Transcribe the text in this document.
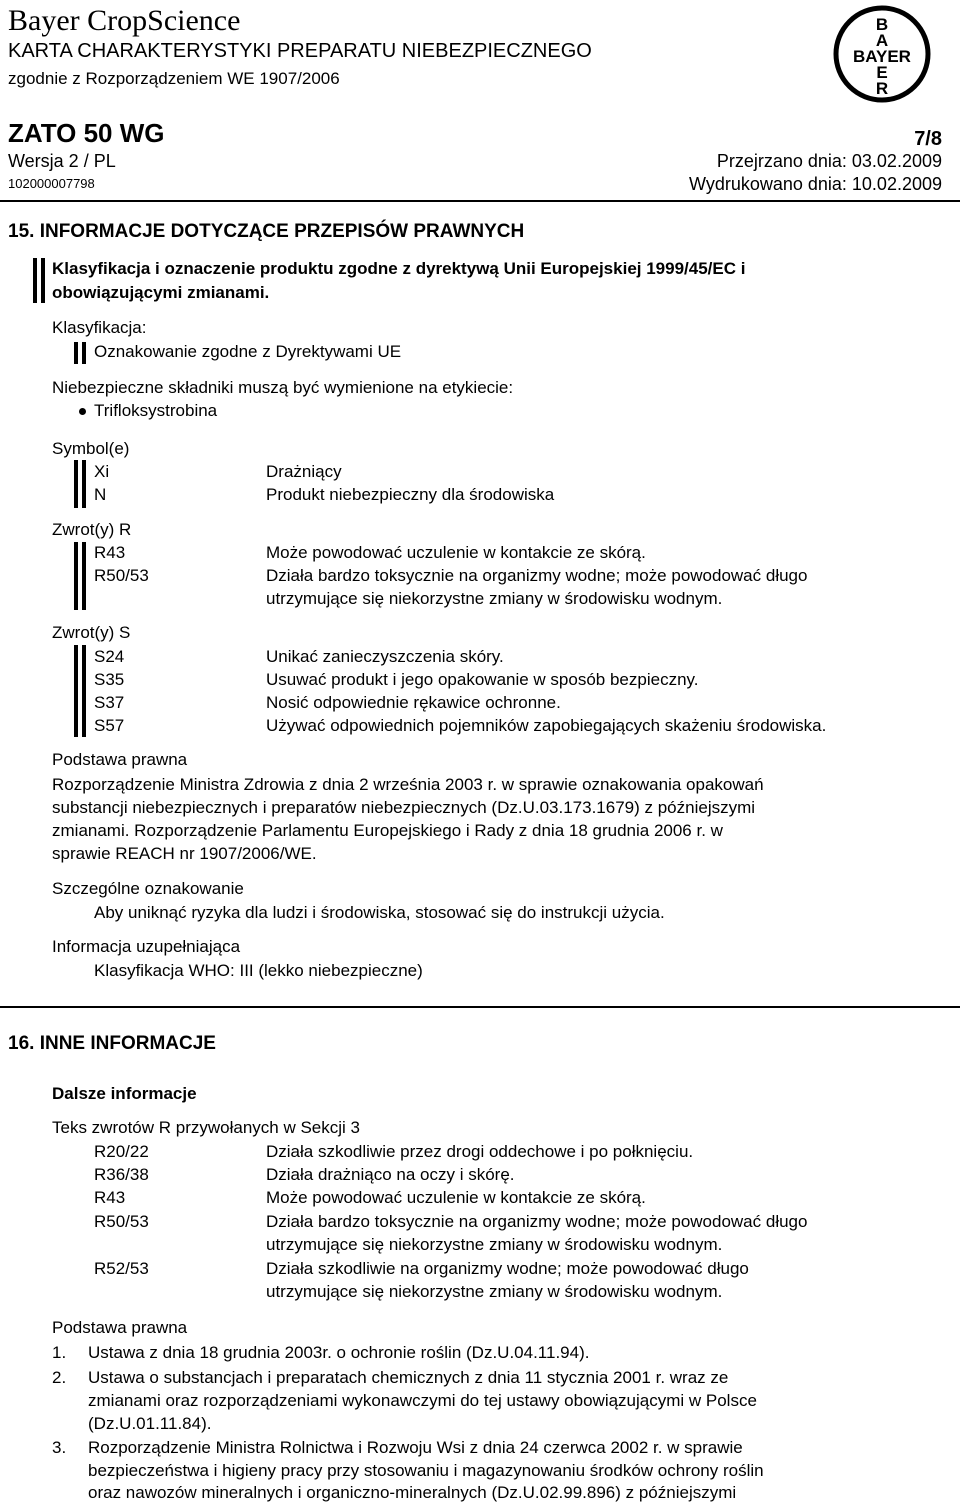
Bayer CropScience
KARTA CHARAKTERYSTYKI PREPARATU NIEBEZPIECZNEGO
zgodnie z Rozporządzeniem WE 1907/2006
B
A
BAYER
E
R
ZATO 50 WG	7/8
Wersja 2 / PL	Przejrzano dnia: 03.02.2009
102000007798	Wydrukowano dnia: 10.02.2009
15. INFORMACJE DOTYCZĄCE PRZEPISÓW PRAWNYCH
Klasyfikacja i oznaczenie produktu zgodne z dyrektywą Unii Europejskiej 1999/45/EC i
obowiązującymi zmianami.
Klasyfikacja:
Oznakowanie zgodne z Dyrektywami UE
Niebezpieczne składniki muszą być wymienione na etykiecie:
Trifloksystrobina
Symbol(e)
Xi	Drażniący
N	Produkt niebezpieczny dla środowiska
Zwrot(y) R
R43	Może powodować uczulenie w kontakcie ze skórą.
R50/53	Działa bardzo toksycznie na organizmy wodne; może powodować długo
utrzymujące się niekorzystne zmiany w środowisku wodnym.
Zwrot(y) S
S24	Unikać zanieczyszczenia skóry.
S35	Usuwać produkt i jego opakowanie w sposób bezpieczny.
S37	Nosić odpowiednie rękawice ochronne.
S57	Używać odpowiednich pojemników zapobiegających skażeniu środowiska.
Podstawa prawna
Rozporządzenie Ministra Zdrowia z dnia 2 września 2003 r. w sprawie oznakowania opakowań
substancji niebezpiecznych i preparatów niebezpiecznych (Dz.U.03.173.1679) z późniejszymi
zmianami. Rozporządzenie Parlamentu Europejskiego i Rady z dnia 18 grudnia 2006 r. w
sprawie REACH nr 1907/2006/WE.
Szczególne oznakowanie
Aby uniknąć ryzyka dla ludzi i środowiska, stosować się do instrukcji użycia.
Informacja uzupełniająca
Klasyfikacja WHO: III (lekko niebezpieczne)
16. INNE INFORMACJE
Dalsze informacje
Teks zwrotów R przywołanych w Sekcji 3
R20/22	Działa szkodliwie przez drogi oddechowe i po połknięciu.
R36/38	Działa drażniąco na oczy i skórę.
R43	Może powodować uczulenie w kontakcie ze skórą.
R50/53	Działa bardzo toksycznie na organizmy wodne; może powodować długo
utrzymujące się niekorzystne zmiany w środowisku wodnym.
R52/53	Działa szkodliwie na organizmy wodne; może powodować długo
utrzymujące się niekorzystne zmiany w środowisku wodnym.
Podstawa prawna
1. Ustawa z dnia 18 grudnia 2003r. o ochronie roślin (Dz.U.04.11.94).
2. Ustawa o substancjach i preparatach chemicznych z dnia 11 stycznia 2001 r. wraz ze
zmianami oraz rozporządzeniami wykonawczymi do tej ustawy obowiązującymi w Polsce
(Dz.U.01.11.84).
3. Rozporządzenie Ministra Rolnictwa i Rozwoju Wsi z dnia 24 czerwca 2002 r. w sprawie
bezpieczeństwa i higieny pracy przy stosowaniu i magazynowaniu środków ochrony roślin
oraz nawozów mineralnych i organiczno-mineralnych (Dz.U.02.99.896) z późniejszymi
